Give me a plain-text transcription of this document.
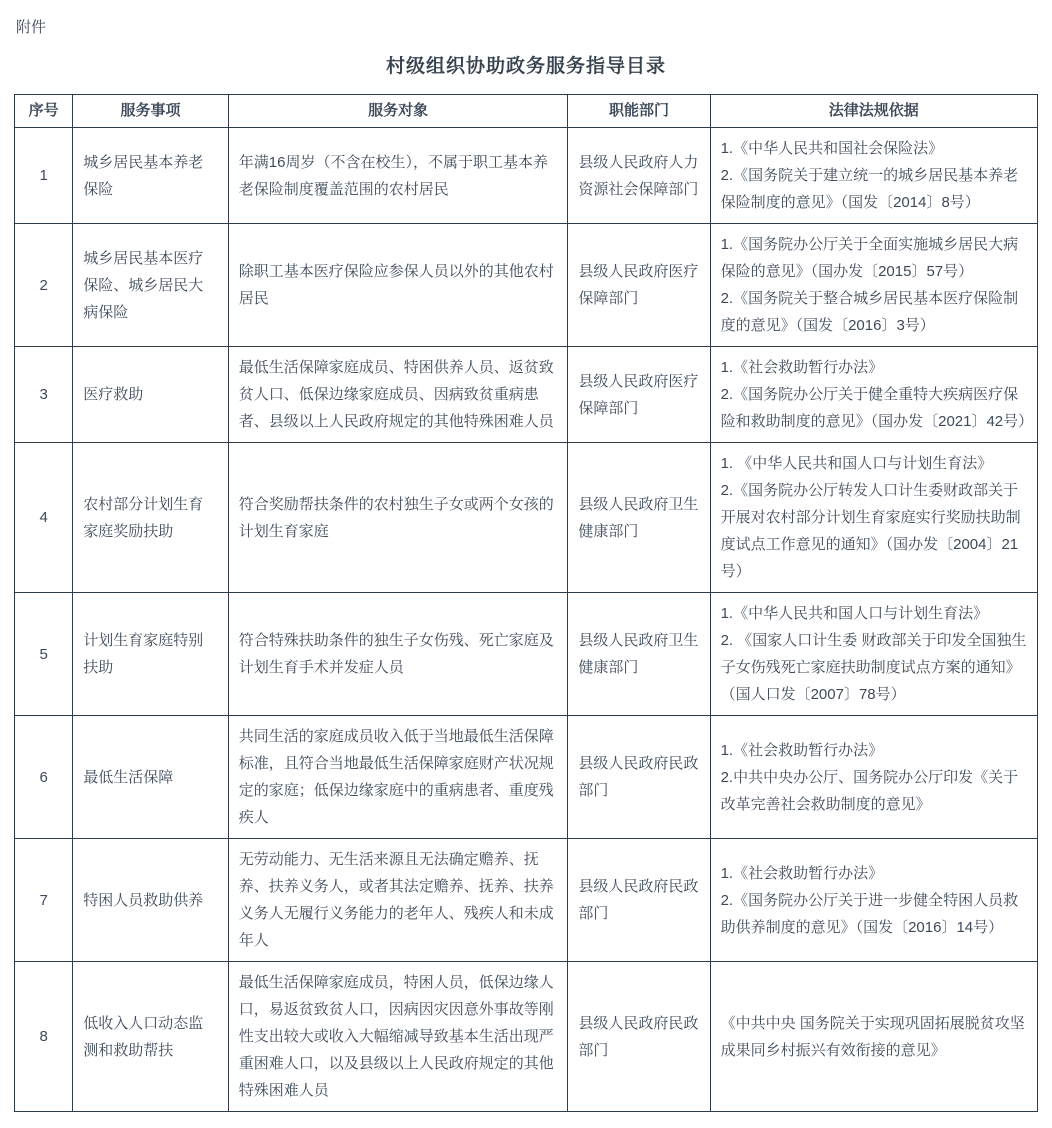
附件
村级组织协助政务服务指导目录
序号	服务事项	服务对象	职能部门	法律法规依据
1	城乡居民基本养老保险	年满16周岁（不含在校生），不属于职工基本养老保险制度覆盖范围的农村居民	县级人民政府人力资源社会保障部门	1.《中华人民共和国社会保险法》
2.《国务院关于建立统一的城乡居民基本养老保险制度的意见》（国发〔2014〕8号）

2	城乡居民基本医疗保险、城乡居民大病保险	除职工基本医疗保险应参保人员以外的其他农村居民	县级人民政府医疗保障部门	1.《国务院办公厅关于全面实施城乡居民大病保险的意见》（国办发〔2015〕57号）
2.《国务院关于整合城乡居民基本医疗保险制度的意见》（国发〔2016〕3号）

3	医疗救助	最低生活保障家庭成员、特困供养人员、返贫致贫人口、低保边缘家庭成员、因病致贫重病患者、县级以上人民政府规定的其他特殊困难人员	县级人民政府医疗保障部门	1.《社会救助暂行办法》
2.《国务院办公厅关于健全重特大疾病医疗保险和救助制度的意见》（国办发〔2021〕42号）

4	农村部分计划生育家庭奖励扶助	符合奖励帮扶条件的农村独生子女或两个女孩的计划生育家庭	县级人民政府卫生健康部门	1. 《中华人民共和国人口与计划生育法》
2.《国务院办公厅转发人口计生委财政部关于开展对农村部分计划生育家庭实行奖励扶助制度试点工作意见的通知》（国办发〔2004〕21号）

5	计划生育家庭特别扶助	符合特殊扶助条件的独生子女伤残、死亡家庭及计划生育手术并发症人员	县级人民政府卫生健康部门	1.《中华人民共和国人口与计划生育法》
2. 《国家人口计生委 财政部关于印发全国独生子女伤残死亡家庭扶助制度试点方案的通知》（国人口发〔2007〕78号）

6	最低生活保障	共同生活的家庭成员收入低于当地最低生活保障标准，且符合当地最低生活保障家庭财产状况规定的家庭；低保边缘家庭中的重病患者、重度残疾人	县级人民政府民政部门	1.《社会救助暂行办法》
2.中共中央办公厅、国务院办公厅印发《关于改革完善社会救助制度的意见》

7	特困人员救助供养	无劳动能力、无生活来源且无法确定赡养、抚养、扶养义务人，或者其法定赡养、抚养、扶养义务人无履行义务能力的老年人、残疾人和未成年人	县级人民政府民政部门	1.《社会救助暂行办法》
2.《国务院办公厅关于进一步健全特困人员救助供养制度的意见》（国发〔2016〕14号）

8	低收入人口动态监测和救助帮扶	最低生活保障家庭成员，特困人员，低保边缘人口，易返贫致贫人口，因病因灾因意外事故等刚性支出较大或收入大幅缩减导致基本生活出现严重困难人口，以及县级以上人民政府规定的其他特殊困难人员	县级人民政府民政部门	《中共中央 国务院关于实现巩固拓展脱贫攻坚成果同乡村振兴有效衔接的意见》
